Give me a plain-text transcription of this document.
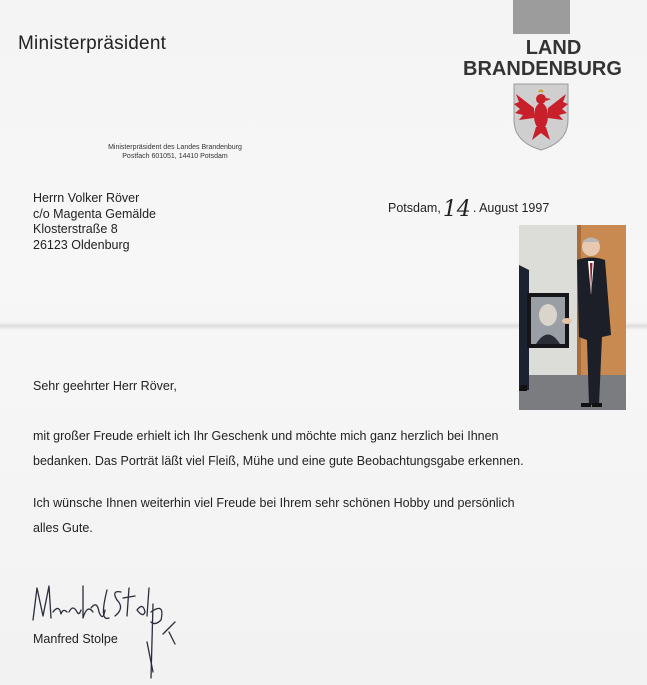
Ministerpräsident	LAND
BRANDENBURG
Ministerpräsident des Landes Brandenburg
Postfach 601051, 14410 Potsdam
Herrn Volker Röver
c/o Magenta Gemälde
Klosterstraße 8
26123 Oldenburg
Potsdam,14 . August 1997
Sehr geehrter Herr Röver,
mit großer Freude erhielt ich Ihr Geschenk und möchte mich ganz herzlich bei Ihnen
bedanken. Das Porträt läßt viel Fleiß, Mühe und eine gute Beobachtungsgabe erkennen.
Ich wünsche Ihnen weiterhin viel Freude bei Ihrem sehr schönen Hobby und persönlich
alles Gute.
Manfred Stolpe
